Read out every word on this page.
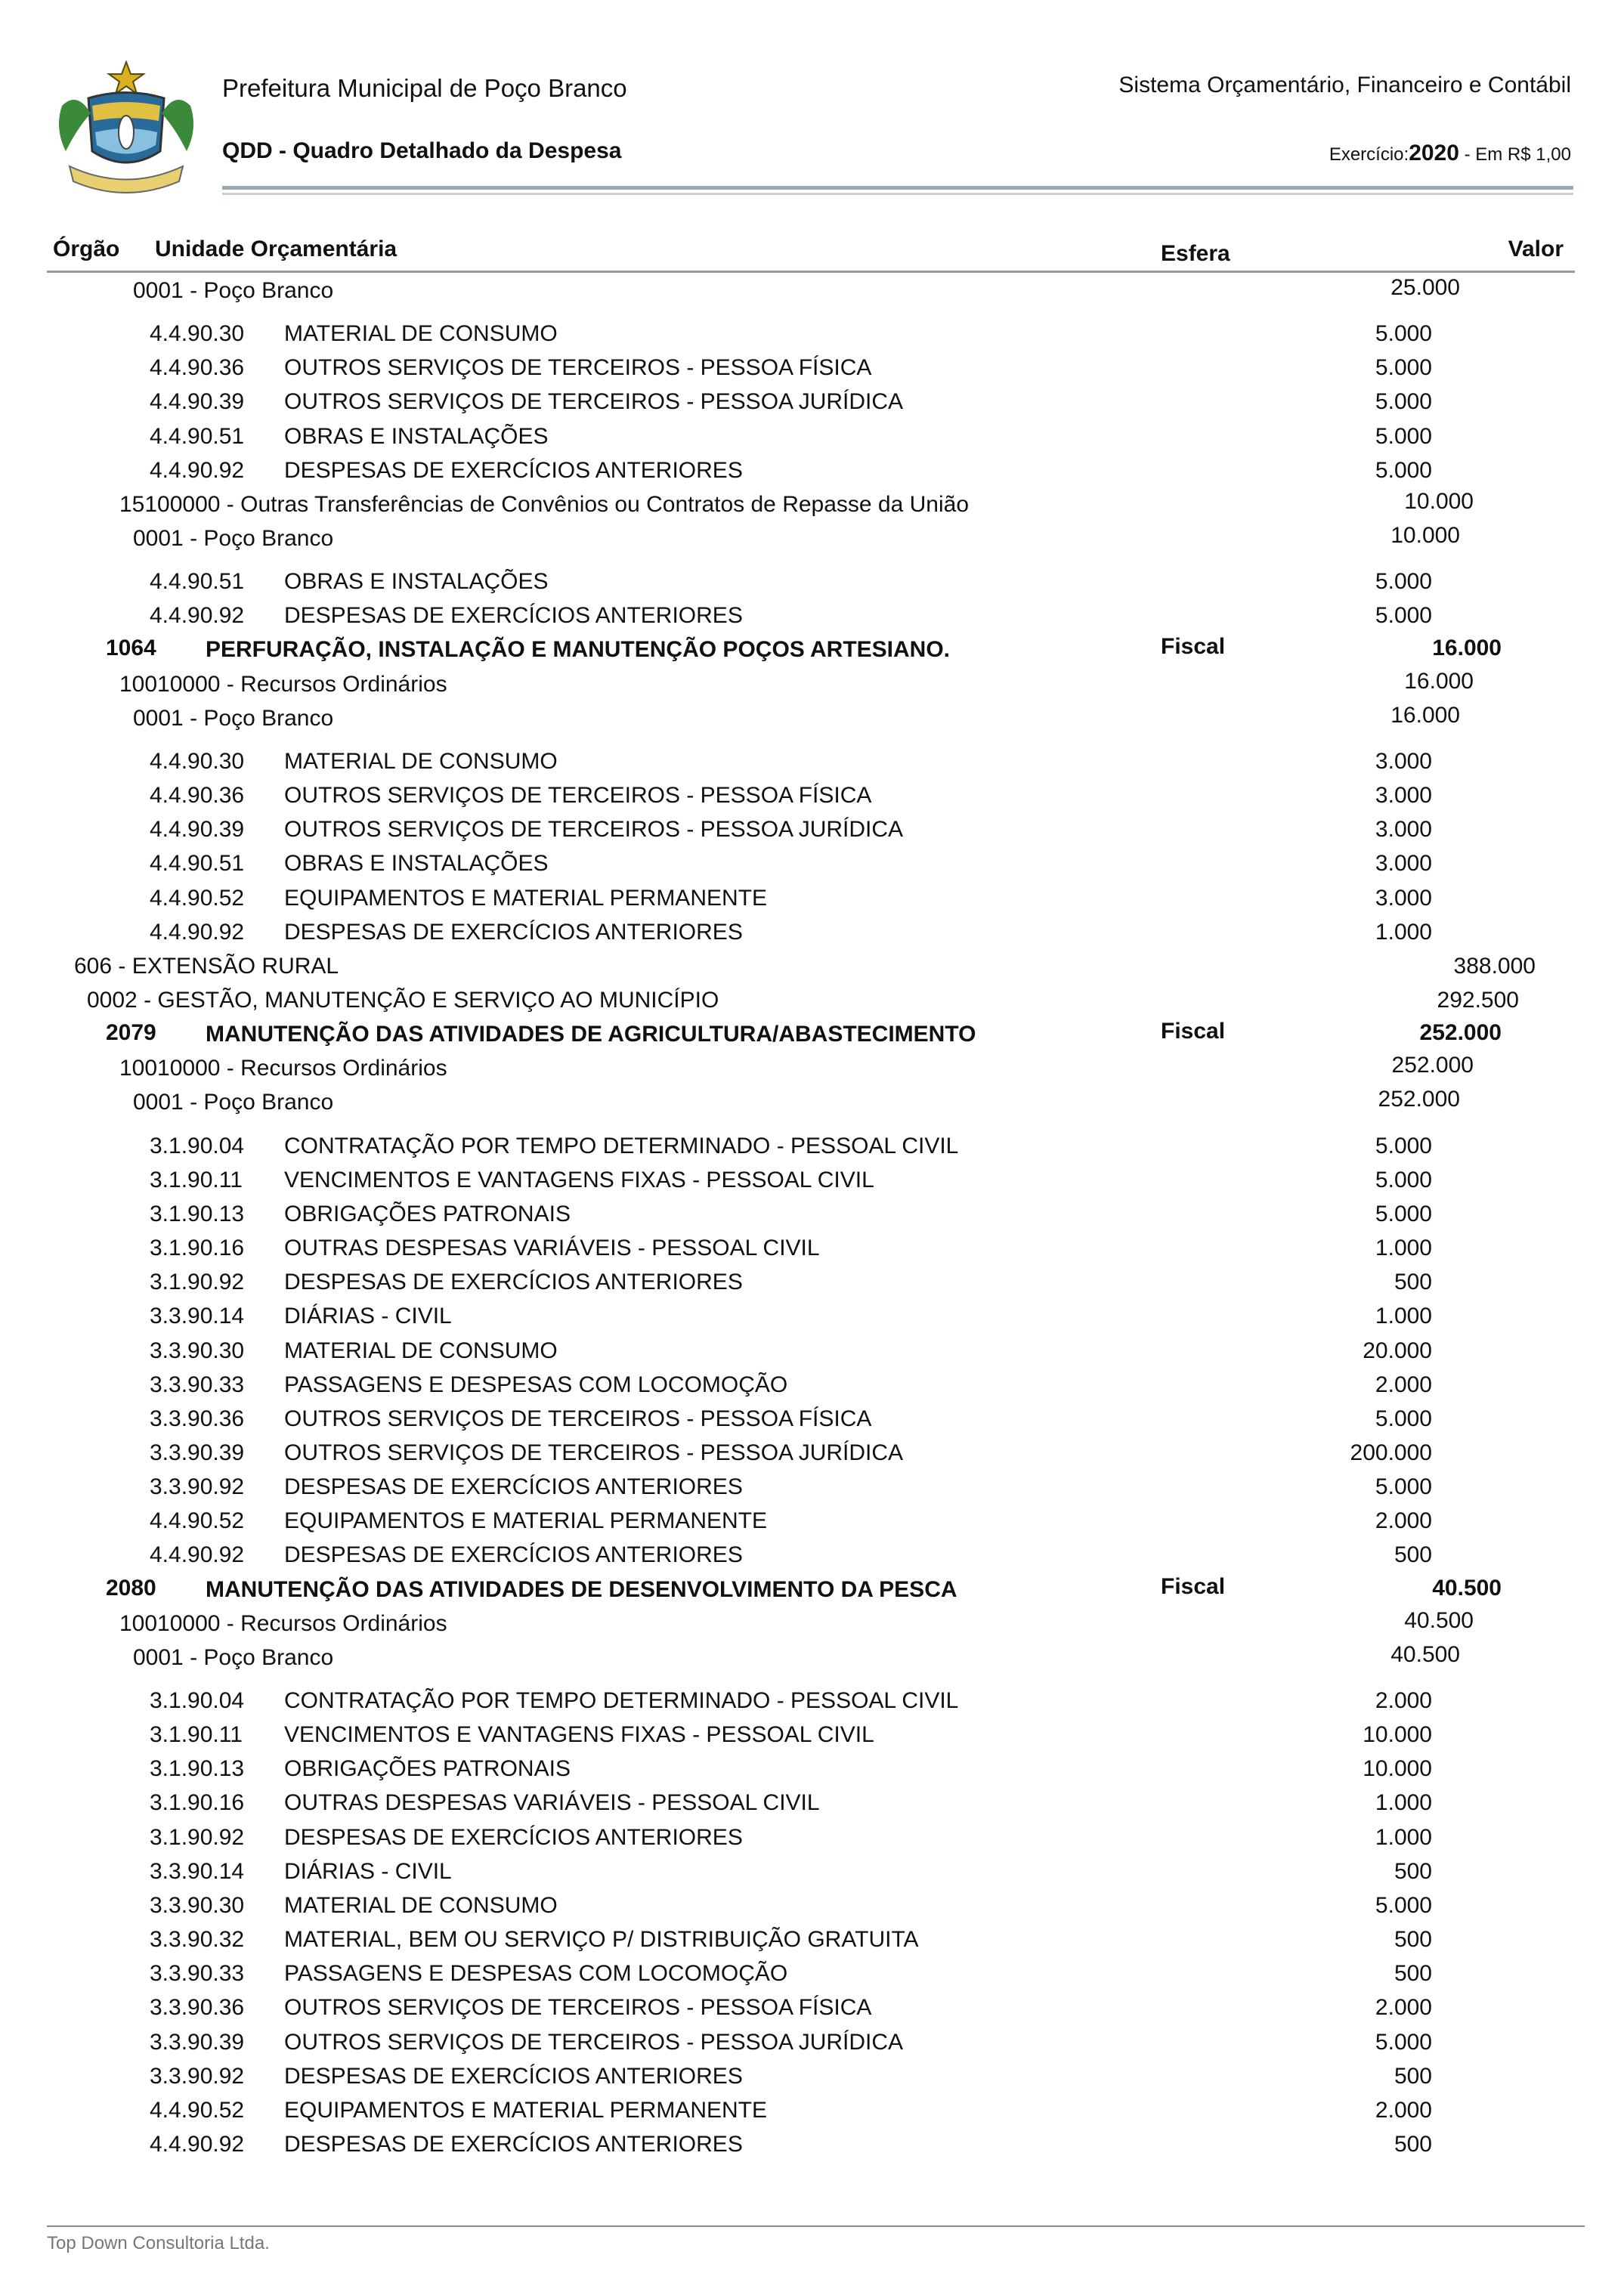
Prefeitura Municipal de Poço Branco
QDD - Quadro Detalhado da Despesa
Sistema Orçamentário, Financeiro e Contábil
Exercício:2020 - Em R$ 1,00
Órgão Unidade Orçamentária	Esfera	Valor
0001 - Poço Branco	25.000
4.4.90.30 MATERIAL DE CONSUMO	5.000
4.4.90.36 OUTROS SERVIÇOS DE TERCEIROS - PESSOA FÍSICA	5.000
4.4.90.39 OUTROS SERVIÇOS DE TERCEIROS - PESSOA JURÍDICA	5.000
4.4.90.51 OBRAS E INSTALAÇÕES	5.000
4.4.90.92 DESPESAS DE EXERCÍCIOS ANTERIORES	5.000
15100000 - Outras Transferências de Convênios ou Contratos de Repasse da União	10.000
0001 - Poço Branco	10.000
4.4.90.51 OBRAS E INSTALAÇÕES	5.000
4.4.90.92 DESPESAS DE EXERCÍCIOS ANTERIORES	5.000
1064 PERFURAÇÃO, INSTALAÇÃO E MANUTENÇÃO POÇOS ARTESIANO.	Fiscal	16.000
10010000 - Recursos Ordinários	16.000
0001 - Poço Branco	16.000
4.4.90.30 MATERIAL DE CONSUMO	3.000
4.4.90.36 OUTROS SERVIÇOS DE TERCEIROS - PESSOA FÍSICA	3.000
4.4.90.39 OUTROS SERVIÇOS DE TERCEIROS - PESSOA JURÍDICA	3.000
4.4.90.51 OBRAS E INSTALAÇÕES	3.000
4.4.90.52 EQUIPAMENTOS E MATERIAL PERMANENTE	3.000
4.4.90.92 DESPESAS DE EXERCÍCIOS ANTERIORES	1.000
606 - EXTENSÃO RURAL	388.000
0002 - GESTÃO, MANUTENÇÃO E SERVIÇO AO MUNICÍPIO	292.500
2079 MANUTENÇÃO DAS ATIVIDADES DE AGRICULTURA/ABASTECIMENTO	Fiscal	252.000
10010000 - Recursos Ordinários	252.000
0001 - Poço Branco	252.000
3.1.90.04 CONTRATAÇÃO POR TEMPO DETERMINADO - PESSOAL CIVIL	5.000
3.1.90.11 VENCIMENTOS E VANTAGENS FIXAS - PESSOAL CIVIL	5.000
3.1.90.13 OBRIGAÇÕES PATRONAIS	5.000
3.1.90.16 OUTRAS DESPESAS VARIÁVEIS - PESSOAL CIVIL	1.000
3.1.90.92 DESPESAS DE EXERCÍCIOS ANTERIORES	500
3.3.90.14 DIÁRIAS - CIVIL	1.000
3.3.90.30 MATERIAL DE CONSUMO	20.000
3.3.90.33 PASSAGENS E DESPESAS COM LOCOMOÇÃO	2.000
3.3.90.36 OUTROS SERVIÇOS DE TERCEIROS - PESSOA FÍSICA	5.000
3.3.90.39 OUTROS SERVIÇOS DE TERCEIROS - PESSOA JURÍDICA	200.000
3.3.90.92 DESPESAS DE EXERCÍCIOS ANTERIORES	5.000
4.4.90.52 EQUIPAMENTOS E MATERIAL PERMANENTE	2.000
4.4.90.92 DESPESAS DE EXERCÍCIOS ANTERIORES	500
2080 MANUTENÇÃO DAS ATIVIDADES DE DESENVOLVIMENTO DA PESCA	Fiscal	40.500
10010000 - Recursos Ordinários	40.500
0001 - Poço Branco	40.500
3.1.90.04 CONTRATAÇÃO POR TEMPO DETERMINADO - PESSOAL CIVIL	2.000
3.1.90.11 VENCIMENTOS E VANTAGENS FIXAS - PESSOAL CIVIL	10.000
3.1.90.13 OBRIGAÇÕES PATRONAIS	10.000
3.1.90.16 OUTRAS DESPESAS VARIÁVEIS - PESSOAL CIVIL	1.000
3.1.90.92 DESPESAS DE EXERCÍCIOS ANTERIORES	1.000
3.3.90.14 DIÁRIAS - CIVIL	500
3.3.90.30 MATERIAL DE CONSUMO	5.000
3.3.90.32 MATERIAL, BEM OU SERVIÇO P/ DISTRIBUIÇÃO GRATUITA	500
3.3.90.33 PASSAGENS E DESPESAS COM LOCOMOÇÃO	500
3.3.90.36 OUTROS SERVIÇOS DE TERCEIROS - PESSOA FÍSICA	2.000
3.3.90.39 OUTROS SERVIÇOS DE TERCEIROS - PESSOA JURÍDICA	5.000
3.3.90.92 DESPESAS DE EXERCÍCIOS ANTERIORES	500
4.4.90.52 EQUIPAMENTOS E MATERIAL PERMANENTE	2.000
4.4.90.92 DESPESAS DE EXERCÍCIOS ANTERIORES	500
Top Down Consultoria Ltda.
